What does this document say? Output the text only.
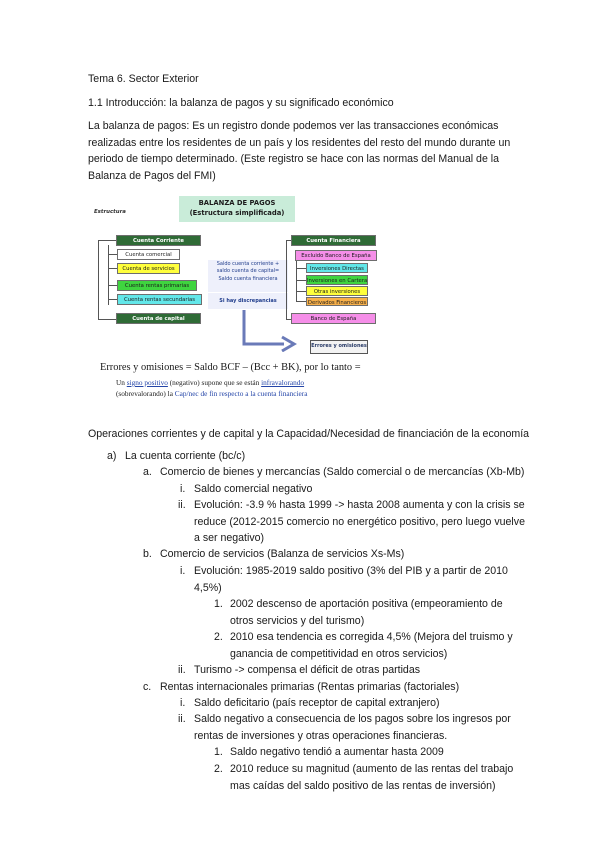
Tema 6. Sector Exterior
1.1 Introducción: la balanza de pagos y su significado económico
La balanza de pagos: Es un registro donde podemos ver las transacciones económicas
realizadas entre los residentes de un país y los residentes del resto del mundo durante un
periodo de tiempo determinado. (Este registro se hace con las normas del Manual de la
Balanza de Pagos del FMI)
Estructura
BALANZA DE PAGOS
(Estructura simplificada)
Cuenta Corriente
Cuenta comercial
Cuenta de servicios
Cuenta rentas primarias
Cuenta rentas secundarias
Cuenta de capital
Saldo cuenta corriente +
saldo cuenta de capital=
Saldo cuenta financiera
Si hay discrepancias
Cuenta Financiera
Excluido Banco de España
Inversiones Directas
Inversiones en Cartera
Otras inversiones
Derivados Financieros
Banco de España
Errores y omisiones
Errores y omisiones = Saldo BCF – (Bcc + BK), por lo tanto =
Un signo positivo (negativo) supone que se están infravalorando
(sobrevalorando) la Cap/nec de fin respecto a la cuenta financiera
Operaciones corrientes y de capital y la Capacidad/Necesidad de financiación de la economía
a) La cuenta corriente (bc/c)
a. Comercio de bienes y mercancías (Saldo comercial o de mercancías (Xb-Mb)
i. Saldo comercial negativo
ii. Evolución: -3.9 % hasta 1999 -> hasta 2008 aumenta y con la crisis se
reduce (2012-2015 comercio no energético positivo, pero luego vuelve
a ser negativo)
b. Comercio de servicios (Balanza de servicios Xs-Ms)
i. Evolución: 1985-2019 saldo positivo (3% del PIB y a partir de 2010
4,5%)
1. 2002 descenso de aportación positiva (empeoramiento de
otros servicios y del turismo)
2. 2010 esa tendencia es corregida 4,5% (Mejora del truismo y
ganancia de competitividad en otros servicios)
ii. Turismo -> compensa el déficit de otras partidas
c. Rentas internacionales primarias (Rentas primarias (factoriales)
i. Saldo deficitario (país receptor de capital extranjero)
ii. Saldo negativo a consecuencia de los pagos sobre los ingresos por
rentas de inversiones y otras operaciones financieras.
1. Saldo negativo tendió a aumentar hasta 2009
2. 2010 reduce su magnitud (aumento de las rentas del trabajo
mas caídas del saldo positivo de las rentas de inversión)
